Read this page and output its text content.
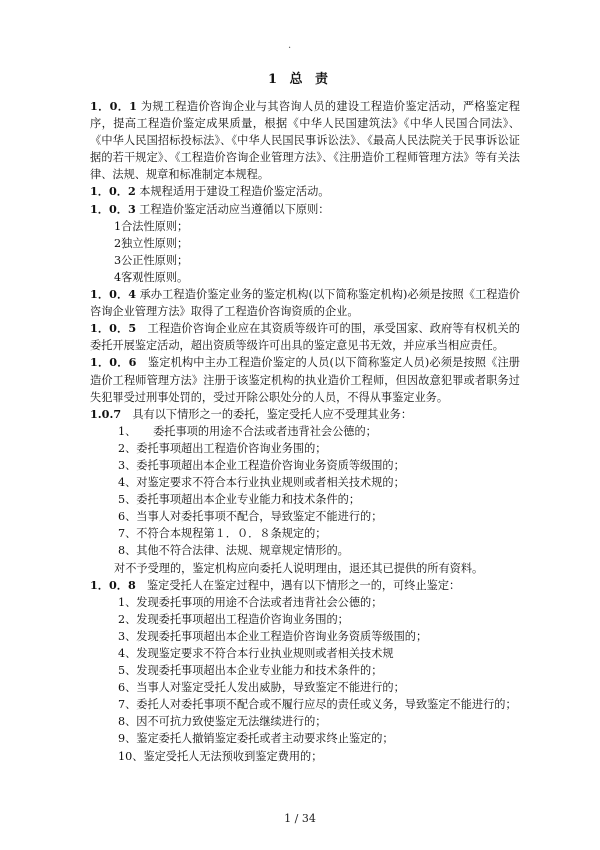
.
1 总 责

1．0．1 为规工程造价咨询企业与其咨询人员的建设工程造价鉴定活动，严格鉴定程序，提高工程造价鉴定成果质量，根据《中华人民国建筑法》《中华人民国合同法》、《中华人民国招标投标法》、《中华人民国民事诉讼法》、《最高人民法院关于民事诉讼证据的若干规定》、《工程造价咨询企业管理方法》、《注册造价工程师管理方法》等有关法律、法规、规章和标准制定本规程。

1．0．2 本规程适用于建设工程造价鉴定活动。

1．0．3 工程造价鉴定活动应当遵循以下原则：

1合法性原则；

2独立性原则；

3公正性原则；

4客观性原则。

1．0．4 承办工程造价鉴定业务的鉴定机构(以下简称鉴定机构)必须是按照《工程造价咨询企业管理方法》取得了工程造价咨询资质的企业。

1．0．5　 工程造价咨询企业应在其资质等级许可的围，承受国家、政府等有权机关的委托开展鉴定活动，超出资质等级许可出具的鉴定意见书无效，并应承当相应责任。

1．0．6　 鉴定机构中主办工程造价鉴定的人员(以下简称鉴定人员)必须是按照《注册造价工程师管理方法》注册于该鉴定机构的执业造价工程师，但因故意犯罪或者职务过失犯罪受过刑事处罚的，受过开除公职处分的人员，不得从事鉴定业务。

1.0.7　 具有以下情形之一的委托，鉴定受托人应不受理其业务：

1、　　委托事项的用途不合法或者违背社会公德的；

2、委托事项超出工程造价咨询业务围的；

3、委托事项超出本企业工程造价咨询业务资质等级围的；

4、对鉴定要求不符合本行业执业规则或者相关技术规的；

5、委托事项超出本企业专业能力和技术条件的；

6、当事人对委托事项不配合，导致鉴定不能进行的；

7、不符合本规程第１．０．８条规定的；

8、其他不符合法律、法规、规章规定情形的。

对不予受理的，鉴定机构应向委托人说明理由，退还其已提供的所有资料。

1．0．8　 鉴定受托人在鉴定过程中，遇有以下情形之一的，可终止鉴定：

1、发现委托事项的用途不合法或者违背社会公德的；

2、发现委托事项超出工程造价咨询业务围的；

3、发现委托事项超出本企业工程造价咨询业务资质等级围的；

4、发现鉴定要求不符合本行业执业规则或者相关技术规

5、发现委托事项超出本企业专业能力和技术条件的；

6、当事人对鉴定受托人发出威胁，导致鉴定不能进行的；

7、委托人对委托事项不配合或不履行应尽的责任或义务，导致鉴定不能进行的；

8、因不可抗力致使鉴定无法继续进行的；

9、鉴定委托人撤销鉴定委托或者主动要求终止鉴定的；

10、鉴定受托人无法预收到鉴定费用的；

1 / 34
